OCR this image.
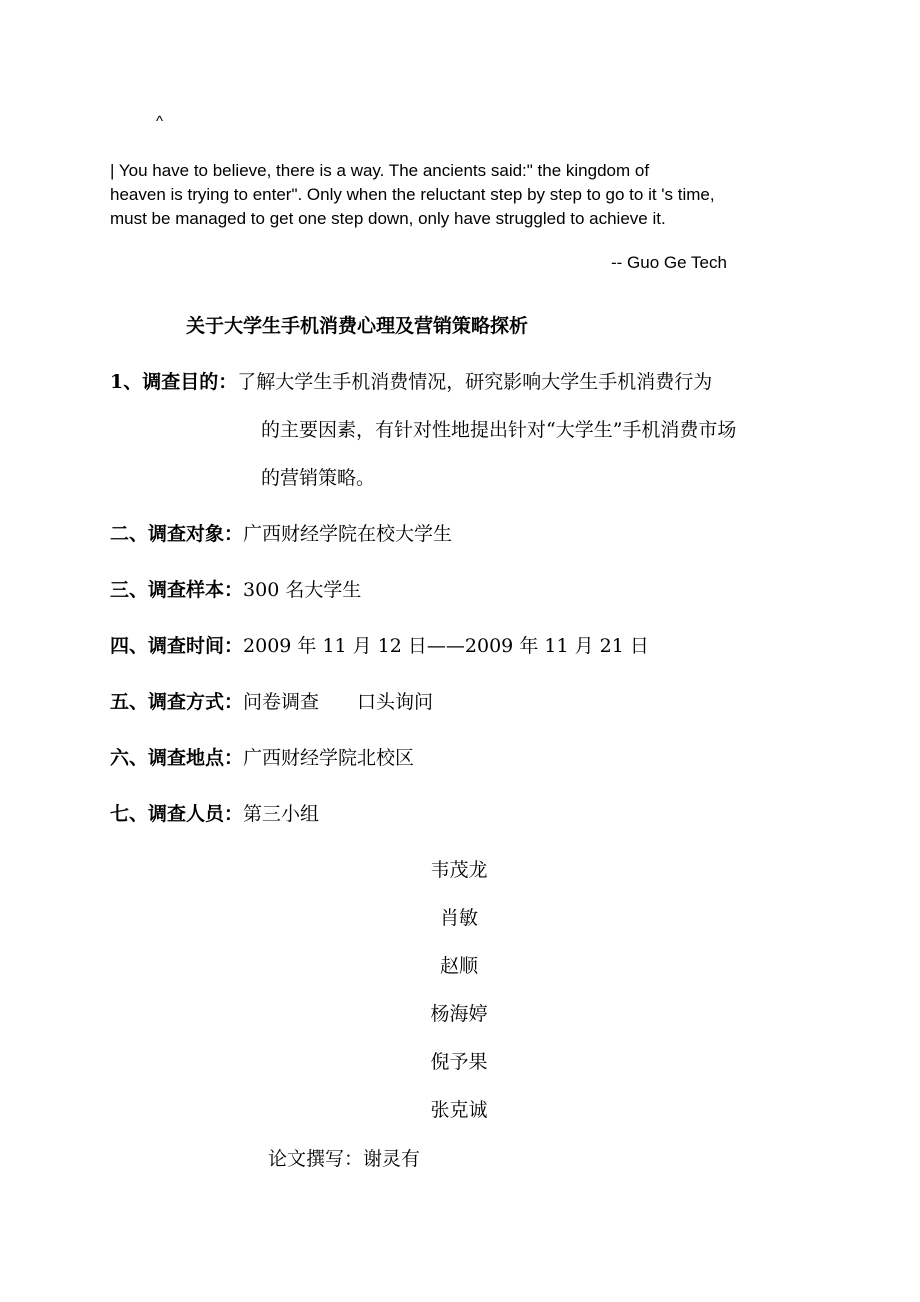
^
| You have to believe, there is a way. The ancients said:" the kingdom of
heaven is trying to enter". Only when the reluctant step by step to go to it 's time,
must be managed to get one step down, only have struggled to achieve it.
-- Guo Ge Tech
关于大学生手机消费心理及营销策略探析
1、调查目的：了解大学生手机消费情况，研究影响大学生手机消费行为
的主要因素，有针对性地提出针对“大学生”手机消费市场
的营销策略。
二、调查对象：广西财经学院在校大学生
三、调查样本：300 名大学生
四、调查时间：2009 年 11 月 12 日——2009 年 11 月 21 日
五、调查方式：问卷调查　　口头询问
六、调查地点：广西财经学院北校区
七、调查人员：第三小组
韦茂龙
肖敏
赵顺
杨海婷
倪予果
张克诚
论文撰写：谢灵有
